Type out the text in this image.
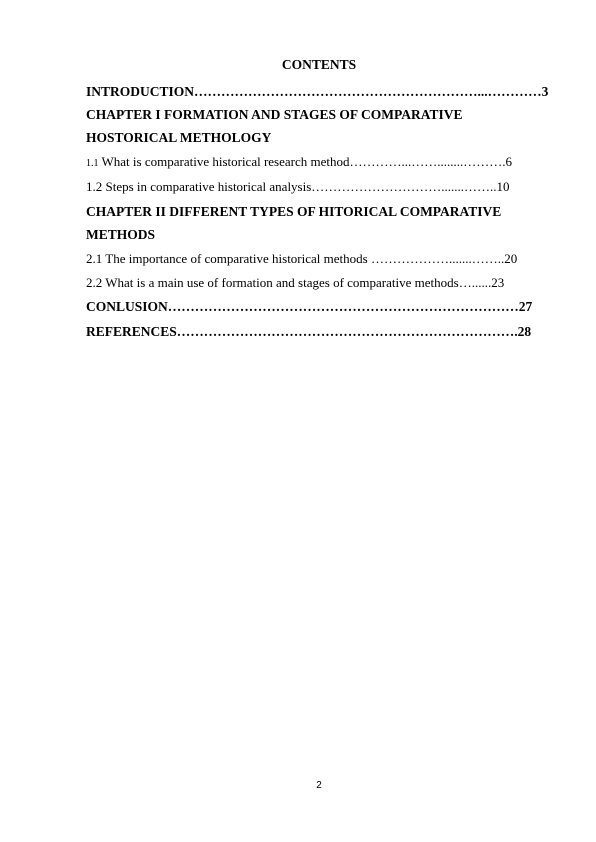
CONTENTS
INTRODUCTION………………………………………………………...…………3
CHAPTER I FORMATION AND STAGES OF COMPARATIVE
HOSTORICAL METHOLOGY
1.1 What is comparative historical research method…………...……........……….6
1.2 Steps in comparative historical analysis………………………….......……..10
CHAPTER II DIFFERENT TYPES OF HITORICAL COMPARATIVE
METHODS
2.1 The importance of comparative historical methods ……………….......……..20
2.2 What is a main use of formation and stages of comparative methods…......23
CONLUSION……………………………………………………………………27
REFERENCES………………………………………………………………….28
2
